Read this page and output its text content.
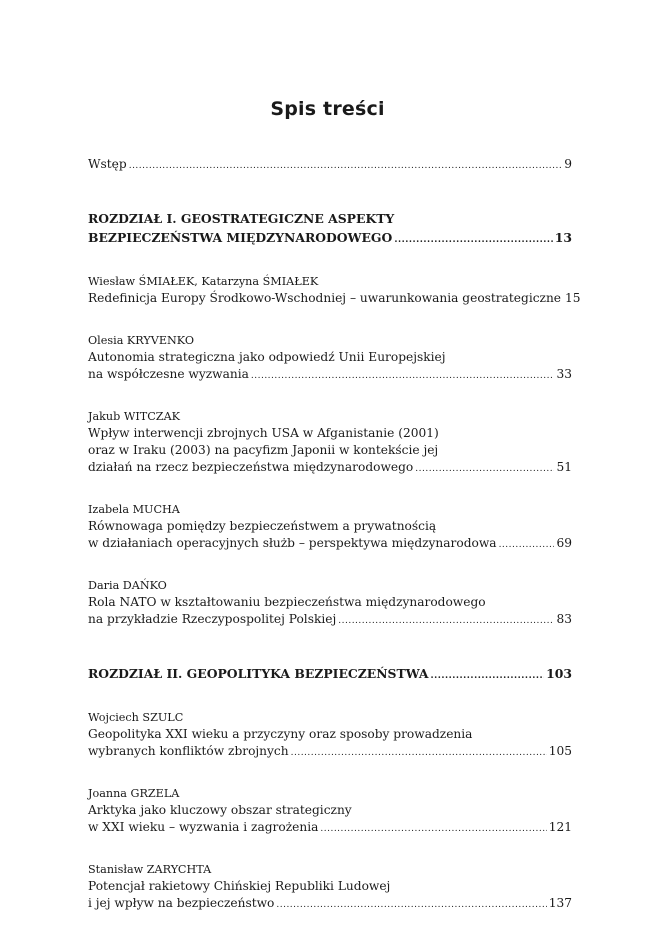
Spis treści
Wstęp .....	9
ROZDZIAŁ I. GEOSTRATEGICZNE ASPEKTY
BEZPIECZEŃSTWA MIĘDZYNARODOWEGO .....	13
Wiesław ŚMIAŁEK, Katarzyna ŚMIAŁEK
Redefinicja Europy Środkowo-Wschodniej – uwarunkowania geostrategiczne 15
Olesia KRYVENKO
Autonomia strategiczna jako odpowiedź Unii Europejskiej
na współczesne wyzwania .....	33
Jakub WITCZAK
Wpływ interwencji zbrojnych USA w Afganistanie (2001)
oraz w Iraku (2003) na pacyfizm Japonii w kontekście jej
działań na rzecz bezpieczeństwa międzynarodowego .....	51
Izabela MUCHA
Równowaga pomiędzy bezpieczeństwem a prywatnością
w działaniach operacyjnych służb – perspektywa międzynarodowa .....	69
Daria DAŃKO
Rola NATO w kształtowaniu bezpieczeństwa międzynarodowego
na przykładzie Rzeczypospolitej Polskiej .....	83
ROZDZIAŁ II. GEOPOLITYKA BEZPIECZEŃSTWA .....	103
Wojciech SZULC
Geopolityka XXI wieku a przyczyny oraz sposoby prowadzenia
wybranych konfliktów zbrojnych .....	105
Joanna GRZELA
Arktyka jako kluczowy obszar strategiczny
w XXI wieku – wyzwania i zagrożenia .....	121
Stanisław ZARYCHTA
Potencjał rakietowy Chińskiej Republiki Ludowej
i jej wpływ na bezpieczeństwo .....	137
